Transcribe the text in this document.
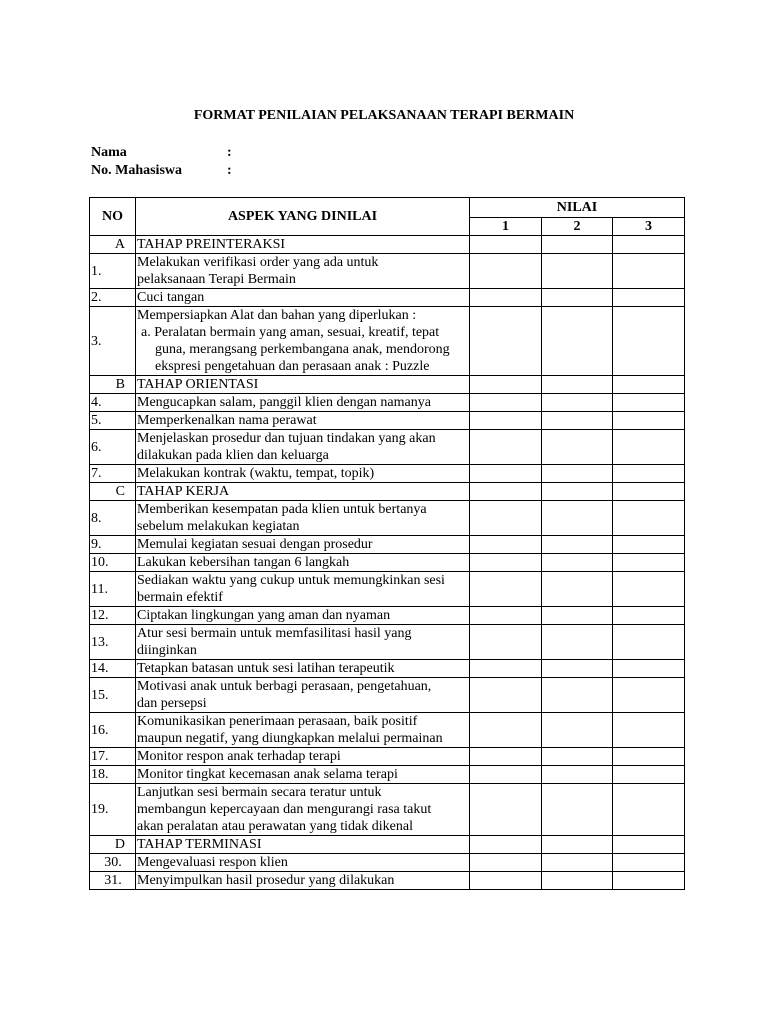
FORMAT PENILAIAN PELAKSANAAN TERAPI BERMAIN
Nama	:
No. Mahasiswa	:
NO	ASPEK YANG DINILAI	NILAI		
		1	2	3
A	TAHAP PREINTERAKSI			
1.	Melakukan verifikasi order yang ada untuk
pelaksanaan Terapi Bermain			

2.	Cuci tangan			

3.	Mempersiapkan Alat dan bahan yang diperlukan :
a. Peralatan bermain yang aman, sesuai, kreatif, tepat guna, merangsang perkembangana anak, mendorong ekspresi pengetahuan dan perasaan anak : Puzzle			

B	TAHAP ORIENTASI			
4.	Mengucapkan salam, panggil klien dengan namanya			

5.	Memperkenalkan nama perawat			

6.	Menjelaskan prosedur dan tujuan tindakan yang akan
dilakukan pada klien dan keluarga			

7.	Melakukan kontrak (waktu, tempat, topik)			

C	TAHAP KERJA			
8.	Memberikan kesempatan pada klien untuk bertanya
sebelum melakukan kegiatan			

9.	Memulai kegiatan sesuai dengan prosedur			

10.	Lakukan kebersihan tangan 6 langkah			

11.	Sediakan waktu yang cukup untuk memungkinkan sesi
bermain efektif			

12.	Ciptakan lingkungan yang aman dan nyaman			

13.	Atur sesi bermain untuk memfasilitasi hasil yang
diinginkan			

14.	Tetapkan batasan untuk sesi latihan terapeutik			

15.	Motivasi anak untuk berbagi perasaan, pengetahuan,
dan persepsi			

16.	Komunikasikan penerimaan perasaan, baik positif
maupun negatif, yang diungkapkan melalui permainan			

17.	Monitor respon anak terhadap terapi			

18.	Monitor tingkat kecemasan anak selama terapi			

19.	Lanjutkan sesi bermain secara teratur untuk
membangun kepercayaan dan mengurangi rasa takut
akan peralatan atau perawatan yang tidak dikenal			

D	TAHAP TERMINASI			
30.	Mengevaluasi respon klien			

31.	Menyimpulkan hasil prosedur yang dilakukan			
